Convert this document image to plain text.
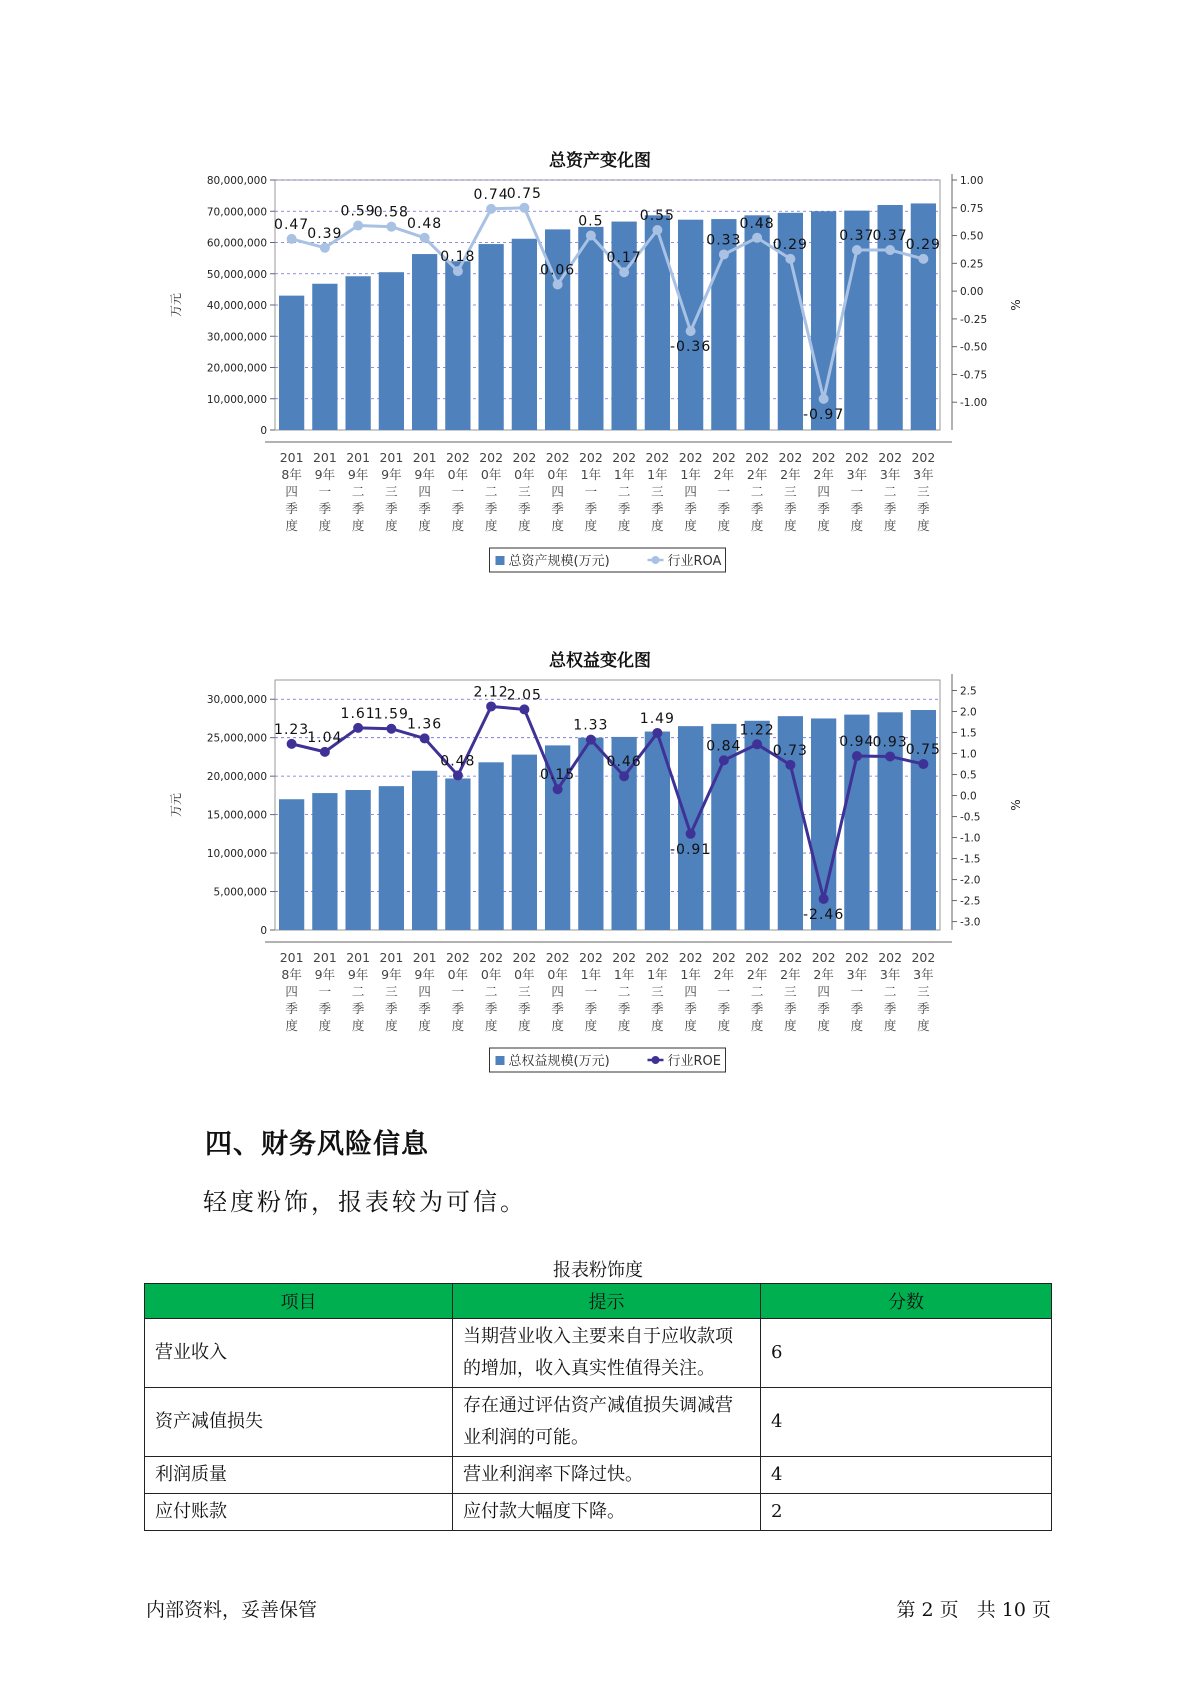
总资产变化图
0
10,000,000
20,000,000
30,000,000
40,000,000
50,000,000
60,000,000
70,000,000
80,000,000
万元
-1.00
-0.75
-0.50
-0.25
0.00
0.25
0.50
0.75
1.00
%
201
8年
四
季
度
201
9年
一
季
度
201
9年
二
季
度
201
9年
三
季
度
201
9年
四
季
度
202
0年
一
季
度
202
0年
二
季
度
202
0年
三
季
度
202
0年
四
季
度
202
1年
一
季
度
202
1年
二
季
度
202
1年
三
季
度
202
1年
四
季
度
202
2年
一
季
度
202
2年
二
季
度
202
2年
三
季
度
202
2年
四
季
度
202
3年
一
季
度
202
3年
二
季
度
202
3年
三
季
度
0.47
0.39
0.59
0.58
0.48
0.18
0.74
0.75
0.06
0.5
0.17
0.55
-0.36
0.33
0.48
0.29
-0.97
0.37
0.37
0.29
总资产规模(万元)	行业ROA
总权益变化图
0
5,000,000
10,000,000
15,000,000
20,000,000
25,000,000
30,000,000
万元
-3.0
-2.5
-2.0
-1.5
-1.0
-0.5
0.0
0.5
1.0
1.5
2.0
2.5
%
201
8年
四
季
度
201
9年
一
季
度
201
9年
二
季
度
201
9年
三
季
度
201
9年
四
季
度
202
0年
一
季
度
202
0年
二
季
度
202
0年
三
季
度
202
0年
四
季
度
202
1年
一
季
度
202
1年
二
季
度
202
1年
三
季
度
202
1年
四
季
度
202
2年
一
季
度
202
2年
二
季
度
202
2年
三
季
度
202
2年
四
季
度
202
3年
一
季
度
202
3年
二
季
度
202
3年
三
季
度
1.23
1.04
1.61
1.59
1.36
0.48
2.12
2.05
0.15
1.33
0.46
1.49
-0.91
0.84
1.22
0.73
-2.46
0.94
0.93
0.75
总权益规模(万元)	行业ROE
四、财务风险信息
轻度粉饰，报表较为可信。
报表粉饰度
项目	提示	分数
营业收入	当期营业收入主要来自于应收款项的增加，收入真实性值得关注。	6
资产减值损失	存在通过评估资产减值损失调减营业利润的可能。	4
利润质量	营业利润率下降过快。	4
应付账款	应付款大幅度下降。	2
内部资料，妥善保管	第 2 页   共 10 页
